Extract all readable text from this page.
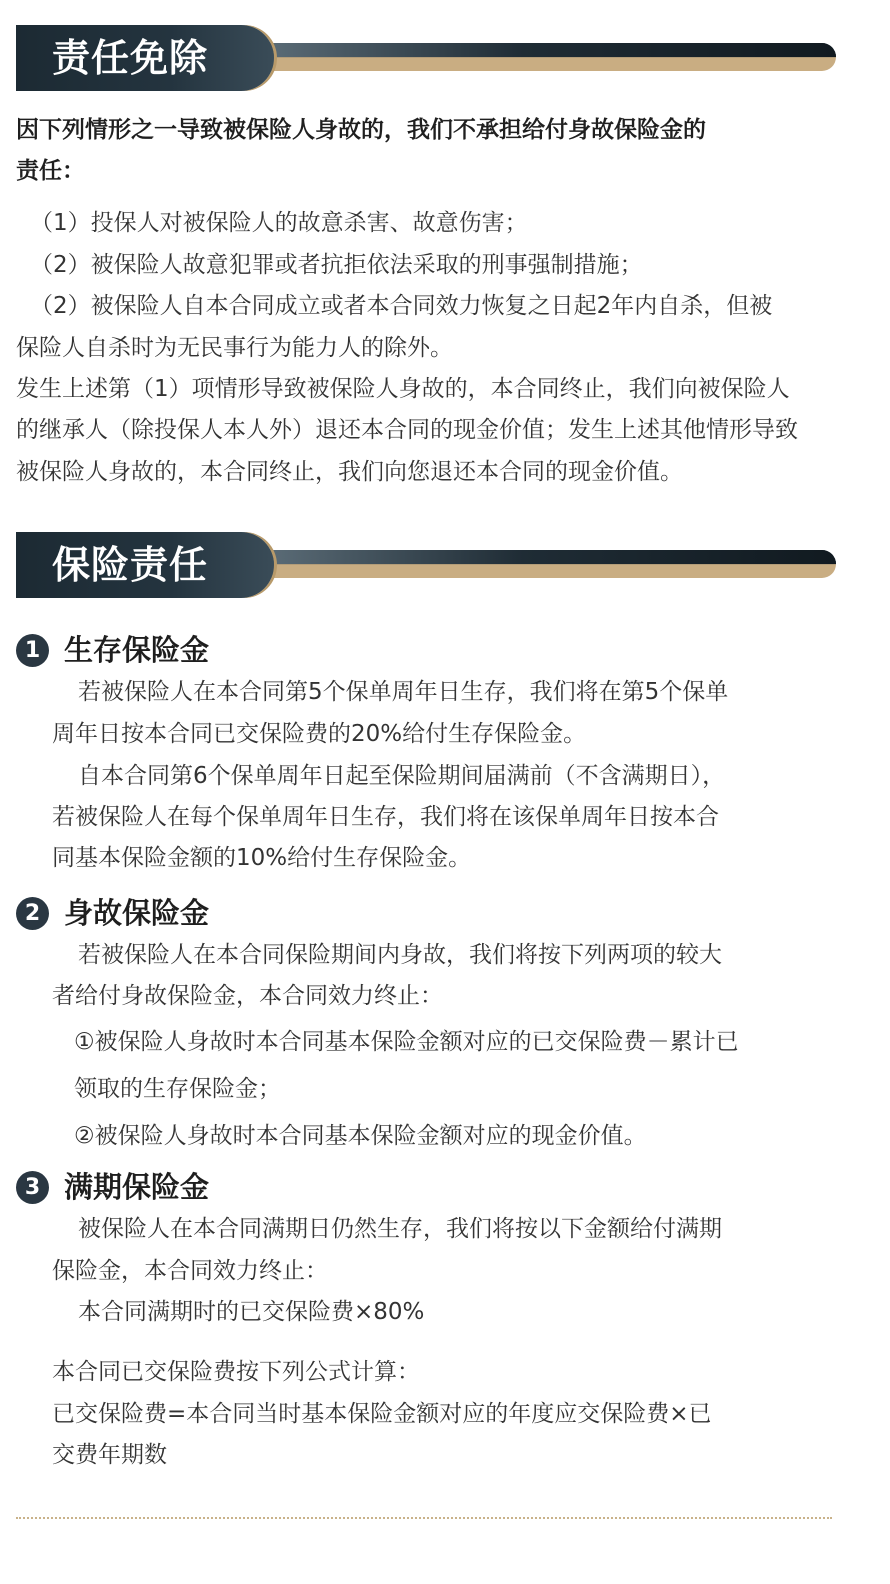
责任免除
因下列情形之一导致被保险人身故的，我们不承担给付身故保险金的
责任：
（1）投保人对被保险人的故意杀害、故意伤害；
（2）被保险人故意犯罪或者抗拒依法采取的刑事强制措施；
（2）被保险人自本合同成立或者本合同效力恢复之日起2年内自杀，但被
保险人自杀时为无民事行为能力人的除外。
发生上述第（1）项情形导致被保险人身故的，本合同终止，我们向被保险人
的继承人（除投保人本人外）退还本合同的现金价值；发生上述其他情形导致
被保险人身故的，本合同终止，我们向您退还本合同的现金价值。
保险责任
1 生存保险金
若被保险人在本合同第5个保单周年日生存，我们将在第5个保单
周年日按本合同已交保险费的20%给付生存保险金。
自本合同第6个保单周年日起至保险期间届满前（不含满期日），
若被保险人在每个保单周年日生存，我们将在该保单周年日按本合
同基本保险金额的10%给付生存保险金。
2 身故保险金
若被保险人在本合同保险期间内身故，我们将按下列两项的较大
者给付身故保险金，本合同效力终止：
①被保险人身故时本合同基本保险金额对应的已交保险费－累计已
领取的生存保险金；
②被保险人身故时本合同基本保险金额对应的现金价值。
3 满期保险金
被保险人在本合同满期日仍然生存，我们将按以下金额给付满期
保险金，本合同效力终止：
本合同满期时的已交保险费×80%
本合同已交保险费按下列公式计算：
已交保险费=本合同当时基本保险金额对应的年度应交保险费×已
交费年期数
